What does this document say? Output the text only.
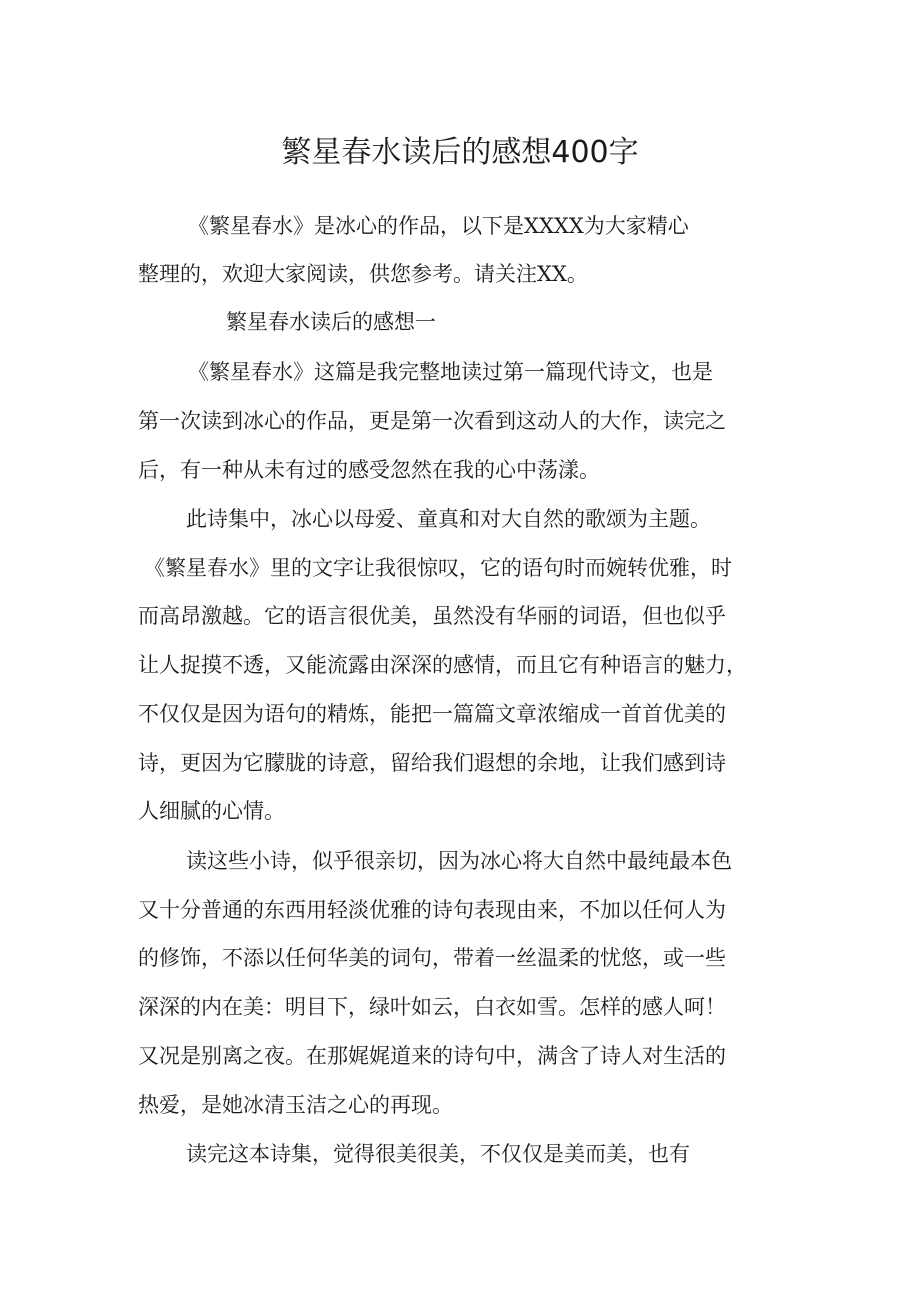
繁星春水读后的感想400字
《繁星春水》是冰心的作品，以下是XXXX为大家精心
整理的，欢迎大家阅读，供您参考。请关注XX。
繁星春水读后的感想一
《繁星春水》这篇是我完整地读过第一篇现代诗文，也是
第一次读到冰心的作品，更是第一次看到这动人的大作，读完之
后，有一种从未有过的感受忽然在我的心中荡漾。
此诗集中，冰心以母爱、童真和对大自然的歌颂为主题。
《繁星春水》里的文字让我很惊叹，它的语句时而婉转优雅，时
而高昂激越。它的语言很优美，虽然没有华丽的词语，但也似乎
让人捉摸不透，又能流露由深深的感情，而且它有种语言的魅力，
不仅仅是因为语句的精炼，能把一篇篇文章浓缩成一首首优美的
诗，更因为它朦胧的诗意，留给我们遐想的余地，让我们感到诗
人细腻的心情。
读这些小诗，似乎很亲切，因为冰心将大自然中最纯最本色
又十分普通的东西用轻淡优雅的诗句表现由来，不加以任何人为
的修饰，不添以任何华美的词句，带着一丝温柔的忧悠，或一些
深深的内在美：明目下，绿叶如云，白衣如雪。怎样的感人呵！
又况是别离之夜。在那娓娓道来的诗句中，满含了诗人对生活的
热爱，是她冰清玉洁之心的再现。
读完这本诗集，觉得很美很美，不仅仅是美而美，也有
